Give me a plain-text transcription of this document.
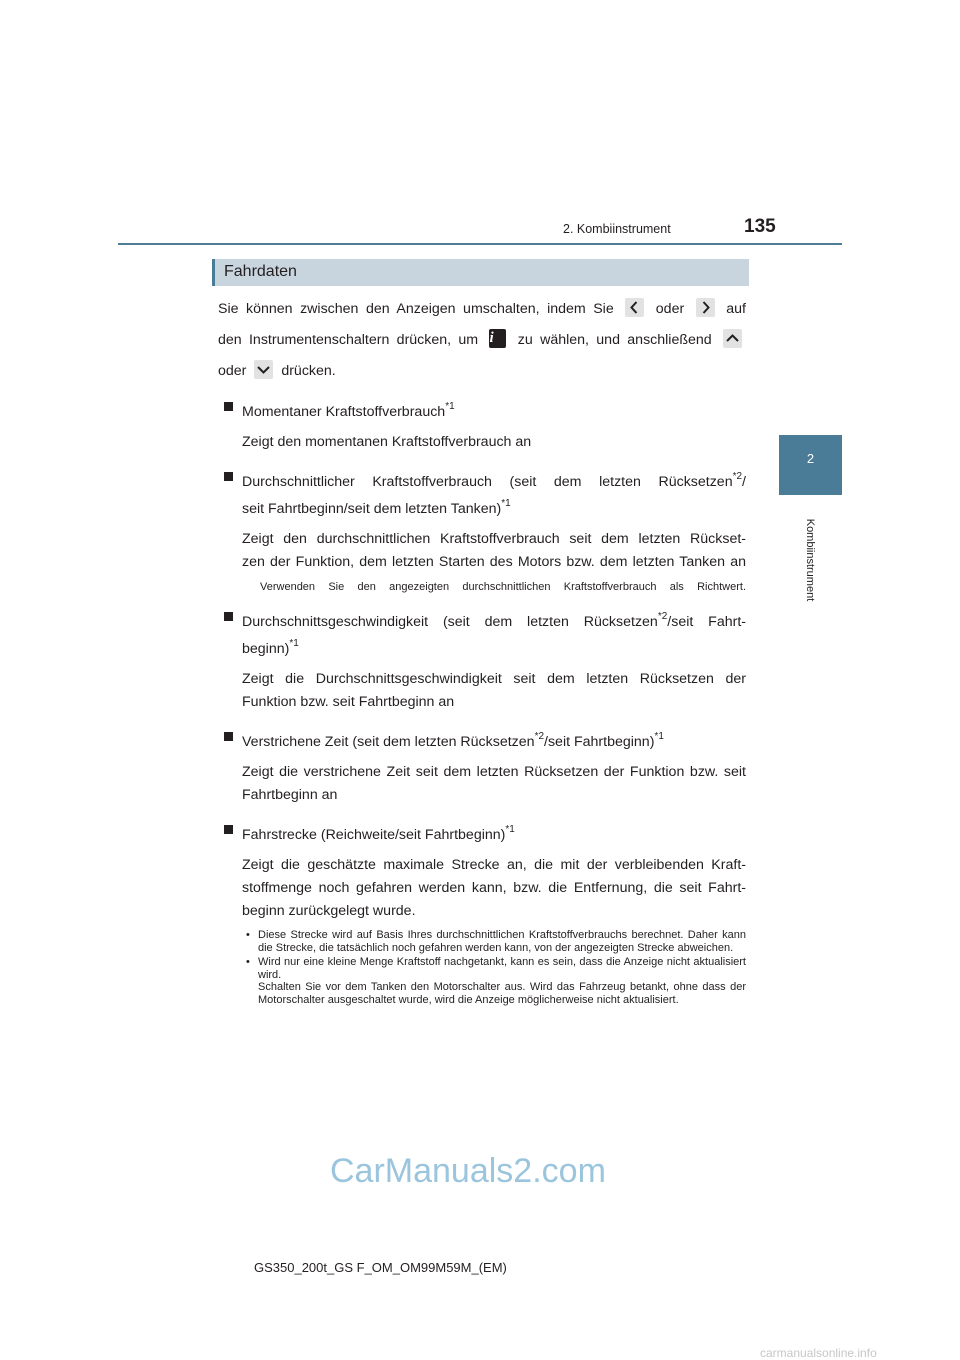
2. Kombiinstrument	135
2
Kombiinstrument
Fahrdaten
Sie können zwischen den Anzeigen umschalten, indem Sie	oder	auf
den Instrumentenschaltern drücken, um i	zu wählen, und anschließend
oder drücken.
Momentaner Kraftstoffverbrauch$^{*1}$
Zeigt den momentanen Kraftstoffverbrauch an
Durchschnittlicher Kraftstoffverbrauch (seit dem letzten Rücksetzen$^{*2}$/
seit Fahrtbeginn/seit dem letzten Tanken)$^{*1}$
Zeigt den durchschnittlichen Kraftstoffverbrauch seit dem letzten Rückset-
zen der Funktion, dem letzten Starten des Motors bzw. dem letzten Tanken an
Verwenden Sie den angezeigten durchschnittlichen Kraftstoffverbrauch als Richtwert.
Durchschnittsgeschwindigkeit (seit dem letzten Rücksetzen$^{*2}$/seit Fahrt-
beginn)$^{*1}$
Zeigt die Durchschnittsgeschwindigkeit seit dem letzten Rücksetzen der
Funktion bzw. seit Fahrtbeginn an
Verstrichene Zeit (seit dem letzten Rücksetzen$^{*2}$/seit Fahrtbeginn)$^{*1}$
Zeigt die verstrichene Zeit seit dem letzten Rücksetzen der Funktion bzw. seit
Fahrtbeginn an
Fahrstrecke (Reichweite/seit Fahrtbeginn)$^{*1}$
Zeigt die geschätzte maximale Strecke an, die mit der verbleibenden Kraft-
stoffmenge noch gefahren werden kann, bzw. die Entfernung, die seit Fahrt-
beginn zurückgelegt wurde.
• Diese Strecke wird auf Basis Ihres durchschnittlichen Kraftstoffverbrauchs berechnet. Daher kann die Strecke, die tatsächlich noch gefahren werden kann, von der angezeigten Strecke abweichen.
• Wird nur eine kleine Menge Kraftstoff nachgetankt, kann es sein, dass die Anzeige nicht aktualisiert wird.
Schalten Sie vor dem Tanken den Motorschalter aus. Wird das Fahrzeug betankt, ohne dass der Motorschalter ausgeschaltet wurde, wird die Anzeige möglicherweise nicht aktualisiert.
CarManuals2.com
GS350_200t_GS F_OM_OM99M59M_(EM)
carmanualsonline.info
